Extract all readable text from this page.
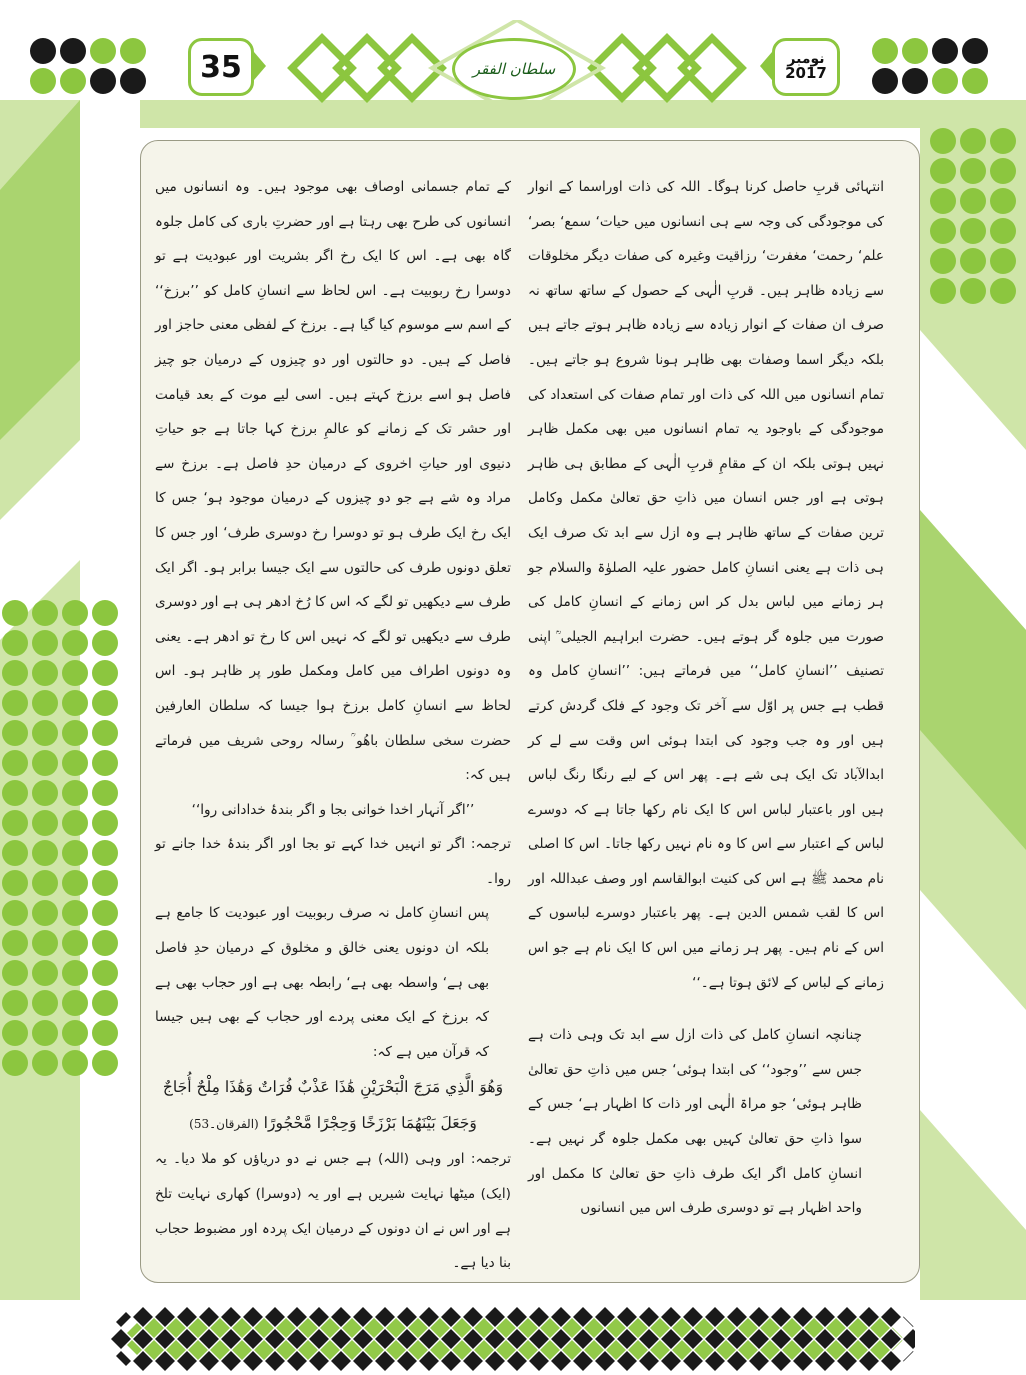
35	سلطان الفقر
نومبر
2017

انتہائی قربِ حاصل کرنا ہوگا۔ اللہ کی ذات اوراسما کے انوار کی موجودگی کی وجہ سے ہی انسانوں میں حیات‘ سمع‘ بصر‘ علم‘ رحمت‘ مغفرت‘ رزاقیت وغیرہ کی صفات دیگر مخلوقات سے زیادہ ظاہر ہیں۔ قربِ الٰہی کے حصول کے ساتھ ساتھ نہ صرف ان صفات کے انوار زیادہ سے زیادہ ظاہر ہوتے جاتے ہیں بلکہ دیگر اسما وصفات بھی ظاہر ہونا شروع ہو جاتے ہیں۔ تمام انسانوں میں اللہ کی ذات اور تمام صفات کی استعداد کی موجودگی کے باوجود یہ تمام انسانوں میں بھی مکمل ظاہر نہیں ہوتی بلکہ ان کے مقامِ قربِ الٰہی کے مطابق ہی ظاہر ہوتی ہے اور جس انسان میں ذاتِ حق تعالیٰ مکمل وکامل ترین صفات کے ساتھ ظاہر ہے وہ ازل سے ابد تک صرف ایک ہی ذات ہے یعنی انسانِ کامل حضور علیہ الصلوٰۃ والسلام جو ہر زمانے میں لباس بدل کر اس زمانے کے انسانِ کامل کی صورت میں جلوہ گر ہوتے ہیں۔ حضرت ابراہیم الجیلی ؒ اپنی تصنیف ’’انسانِ کامل‘‘ میں فرماتے ہیں: ’’انسانِ کامل وہ قطب ہے جس پر اوّل سے آخر تک وجود کے فلک گردش کرتے ہیں اور وہ جب وجود کی ابتدا ہوئی اس وقت سے لے کر ابدالآباد تک ایک ہی شے ہے۔ پھر اس کے لیے رنگا رنگ لباس ہیں اور باعتبار لباس اس کا ایک نام رکھا جاتا ہے کہ دوسرے لباس کے اعتبار سے اس کا وہ نام نہیں رکھا جاتا۔ اس کا اصلی نام محمد ﷺ ہے اس کی کنیت ابوالقاسم اور وصف عبداللہ اور اس کا لقب شمس الدین ہے۔ پھر باعتبار دوسرے لباسوں کے اس کے نام ہیں۔ پھر ہر زمانے میں اس کا ایک نام ہے جو اس زمانے کے لباس کے لائق ہوتا ہے۔‘‘

چنانچہ انسانِ کامل کی ذات ازل سے ابد تک وہی ذات ہے جس سے ’’وجود‘‘ کی ابتدا ہوئی‘ جس میں ذاتِ حق تعالیٰ ظاہر ہوئی‘ جو مراۃ الٰہی اور ذات کا اظہار ہے‘ جس کے سوا ذاتِ حق تعالیٰ کہیں بھی مکمل جلوہ گر نہیں ہے۔ انسانِ کامل اگر ایک طرف ذاتِ حق تعالیٰ کا مکمل اور واحد اظہار ہے تو دوسری طرف اس میں انسانوں

کے تمام جسمانی اوصاف بھی موجود ہیں۔ وہ انسانوں میں انسانوں کی طرح بھی رہتا ہے اور حضرتِ باری کی کامل جلوہ گاہ بھی ہے۔ اس کا ایک رخ اگر بشریت اور عبودیت ہے تو دوسرا رخ ربوبیت ہے۔ اس لحاظ سے انسانِ کامل کو ’’برزخ‘‘ کے اسم سے موسوم کیا گیا ہے۔ برزخ کے لفظی معنی حاجز اور فاصل کے ہیں۔ دو حالتوں اور دو چیزوں کے درمیان جو چیز فاصل ہو اسے برزخ کہتے ہیں۔ اسی لیے موت کے بعد قیامت اور حشر تک کے زمانے کو عالمِ برزخ کہا جاتا ہے جو حیاتِ دنیوی اور حیاتِ اخروی کے درمیان حدِ فاصل ہے۔ برزخ سے مراد وہ شے ہے جو دو چیزوں کے درمیان موجود ہو‘ جس کا ایک رخ ایک طرف ہو تو دوسرا رخ دوسری طرف‘ اور جس کا تعلق دونوں طرف کی حالتوں سے ایک جیسا برابر ہو۔ اگر ایک طرف سے دیکھیں تو لگے کہ اس کا رُخ ادھر ہی ہے اور دوسری طرف سے دیکھیں تو لگے کہ نہیں اس کا رخ تو ادھر ہے۔ یعنی وہ دونوں اطراف میں کامل ومکمل طور پر ظاہر ہو۔ اس لحاظ سے انسانِ کامل برزخ ہوا جیسا کہ سلطان العارفین حضرت سخی سلطان باھُو ؒ رسالہ روحی شریف میں فرماتے ہیں کہ:

’’اگر آنہار اخدا خوانی بجا و اگر بندۂ خدادانی روا‘‘

ترجمہ: اگر تو انہیں خدا کہے تو بجا اور اگر بندۂ خدا جانے تو روا۔

پس انسانِ کامل نہ صرف ربوبیت اور عبودیت کا جامع ہے بلکہ ان دونوں یعنی خالق و مخلوق کے درمیان حدِ فاصل بھی ہے‘ واسطہ بھی ہے‘ رابطہ بھی ہے اور حجاب بھی ہے کہ برزخ کے ایک معنی پردے اور حجاب کے بھی ہیں جیسا کہ قرآن میں ہے کہ:

وَهُوَ الَّذِي مَرَجَ الْبَحْرَيْنِ هَٰذَا عَذْبٌ فُرَاتٌ وَهَٰذَا مِلْحٌ أُجَاجٌ وَجَعَلَ بَيْنَهُمَا بَرْزَخًا وَحِجْرًا مَّحْجُورًا (الفرقان۔53)

ترجمہ: اور وہی (اللہ) ہے جس نے دو دریاؤں کو ملا دیا۔ یہ (ایک) میٹھا نہایت شیریں ہے اور یہ (دوسرا) کھاری نہایت تلخ ہے اور اس نے ان دونوں کے درمیان ایک پردہ اور مضبوط حجاب بنا دیا ہے۔
